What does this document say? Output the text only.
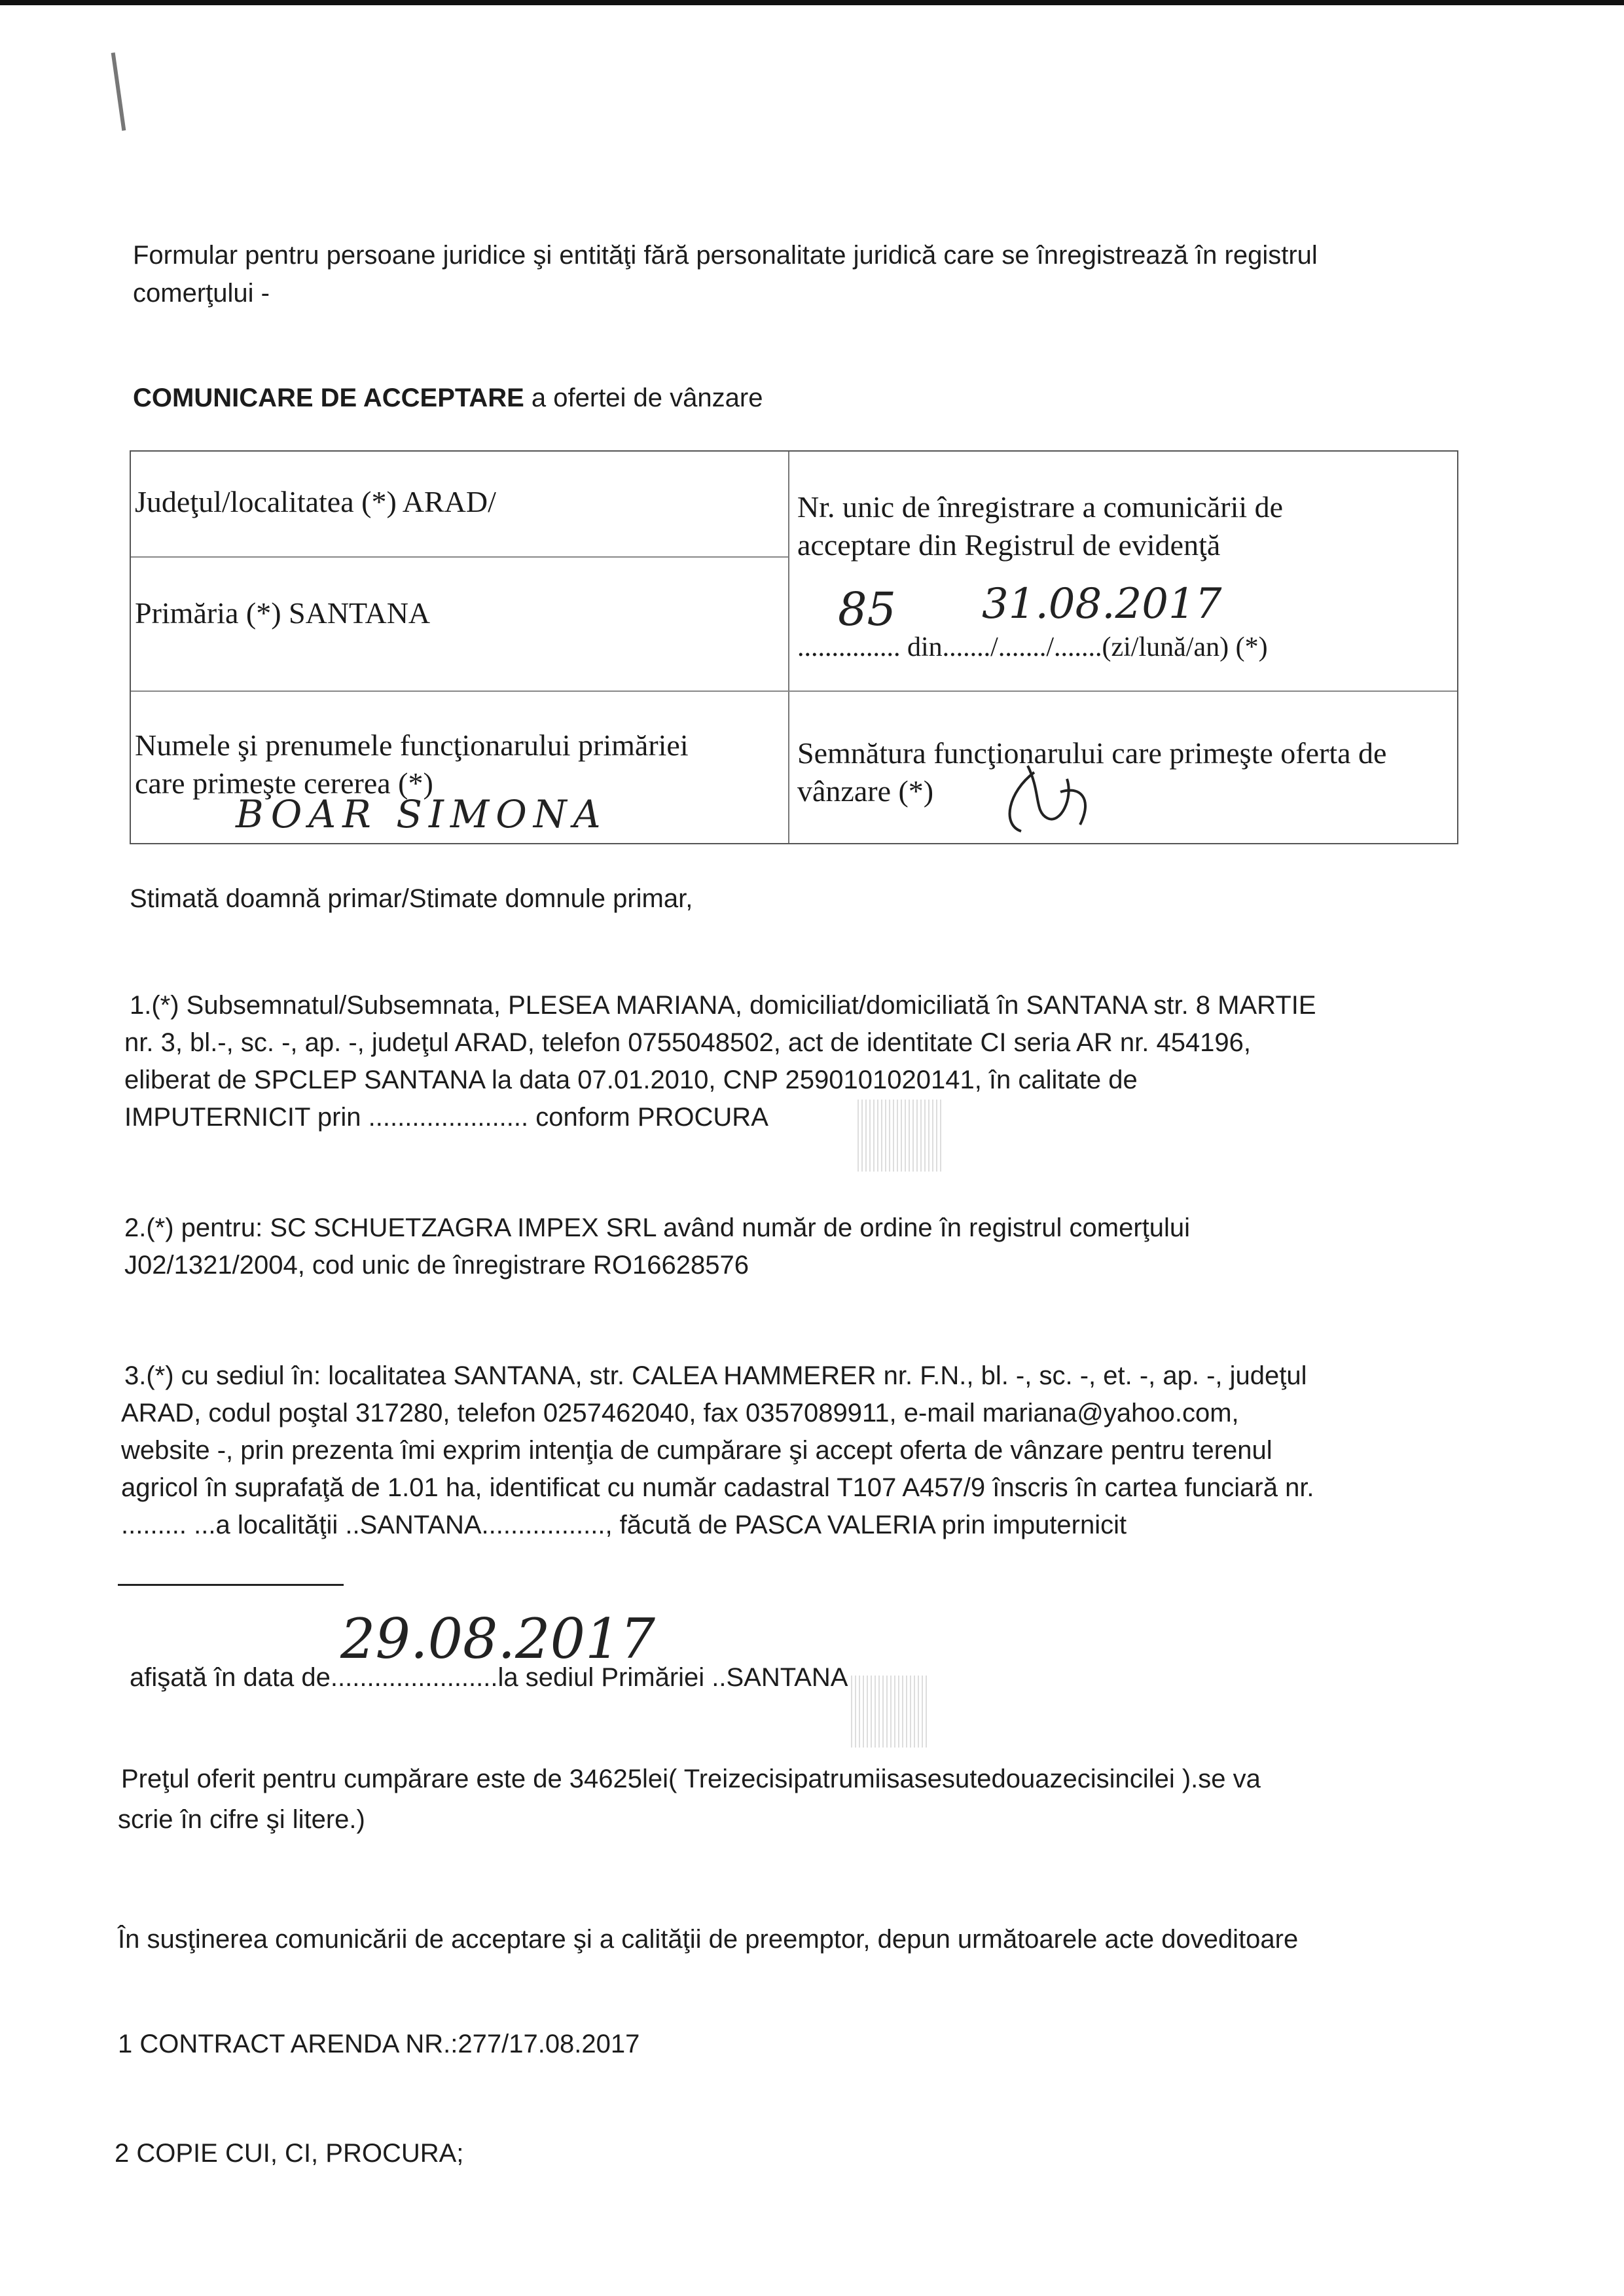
Formular pentru persoane juridice şi entităţi fără personalitate juridică care se înregistrează în registrul
comerţului -
COMUNICARE DE ACCEPTARE a ofertei de vânzare
Judeţul/localitatea (*) ARAD/	Nr. unic de înregistrare a comunicării de
acceptare din Registrul de evidenţă
Primăria (*) SANTANA
............... din......./......./.......(zi/lună/an) (*)
85 31.08.2017
Numele şi prenumele funcţionarului primăriei
care primeşte cererea (*)
BOAR SIMONA
Semnătura funcţionarului care primeşte oferta de
vânzare (*)
Stimată doamnă primar/Stimate domnule primar,
1.(*) Subsemnatul/Subsemnata, PLESEA MARIANA, domiciliat/domiciliată în SANTANA str. 8 MARTIE
nr. 3, bl.-, sc. -, ap. -, judeţul ARAD, telefon 0755048502, act de identitate CI seria AR nr. 454196,
eliberat de SPCLEP SANTANA la data 07.01.2010, CNP 2590101020141, în calitate de
IMPUTERNICIT prin ...................... conform PROCURA
2.(*) pentru: SC SCHUETZAGRA IMPEX SRL având număr de ordine în registrul comerţului
J02/1321/2004, cod unic de înregistrare RO16628576
3.(*) cu sediul în: localitatea SANTANA, str. CALEA HAMMERER nr. F.N., bl. -, sc. -, et. -, ap. -, judeţul
ARAD, codul poştal 317280, telefon 0257462040, fax 0357089911, e-mail mariana@yahoo.com,
website -, prin prezenta îmi exprim intenţia de cumpărare şi accept oferta de vânzare pentru terenul
agricol în suprafaţă de 1.01 ha, identificat cu număr cadastral T107 A457/9 înscris în cartea funciară nr.
......... ...a localităţii ..SANTANA................., făcută de PASCA VALERIA prin imputernicit
afişată în data de.......................la sediul Primăriei ..SANTANA
29.08.2017
Preţul oferit pentru cumpărare este de 34625lei( Treizecisipatrumiisasesutedouazecisincilei ).se va
scrie în cifre şi litere.)
În susţinerea comunicării de acceptare şi a calităţii de preemptor, depun următoarele acte doveditoare
1 CONTRACT ARENDA NR.:277/17.08.2017
2 COPIE CUI, CI, PROCURA;
